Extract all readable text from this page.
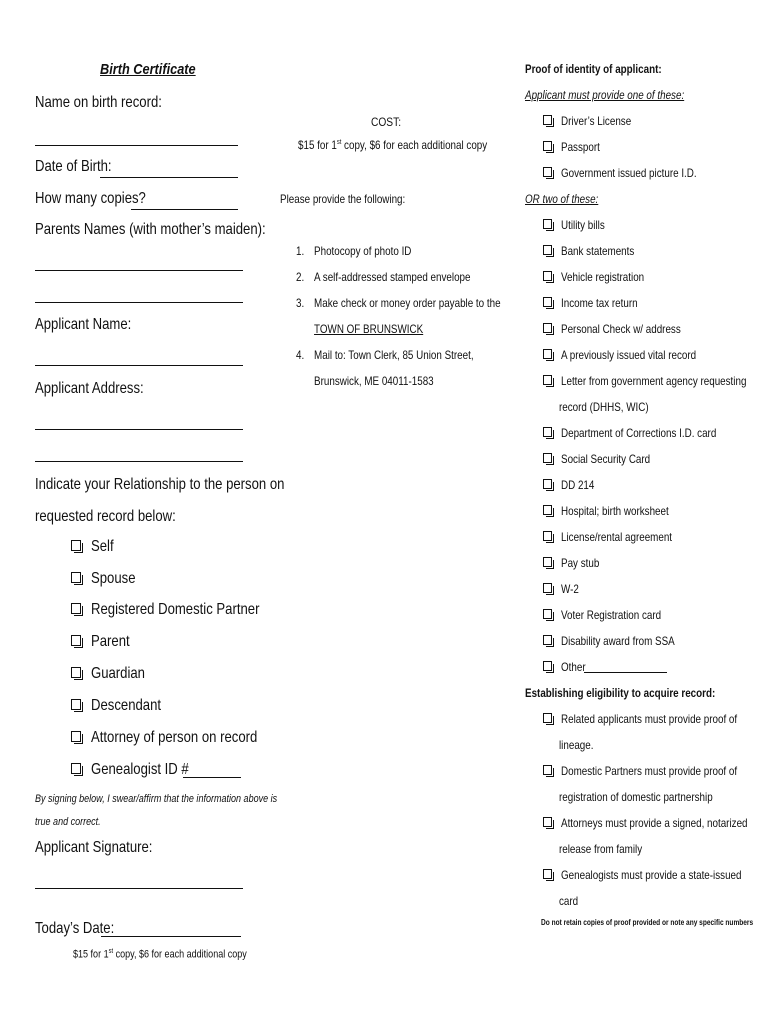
Birth Certificate
Name on birth record:
Date of Birth:
How many copies?
Parents Names (with mother’s maiden):
Applicant Name:
Applicant Address:
Indicate your Relationship to the person on
requested record below:
Self
Spouse
Registered Domestic Partner
Parent
Guardian
Descendant
Attorney of person on record
Genealogist ID #
By signing below, I swear/affirm that the information above is
true and correct.
Applicant Signature:
Today’s Date:
$15 for 1st copy, $6 for each additional copy
COST:
$15 for 1st copy, $6 for each additional copy
Please provide the following:
1. Photocopy of photo ID
2. A self-addressed stamped envelope
3. Make check or money order payable to the
TOWN OF BRUNSWICK
4. Mail to: Town Clerk, 85 Union Street,
Brunswick, ME 04011-1583
Proof of identity of applicant:
Applicant must provide one of these:
Driver’s License
Passport
Government issued picture I.D.
OR two of these:
Utility bills
Bank statements
Vehicle registration
Income tax return
Personal Check w/ address
A previously issued vital record
Letter from government agency requesting
record (DHHS, WIC)
Department of Corrections I.D. card
Social Security Card
DD 214
Hospital; birth worksheet
License/rental agreement
Pay stub
W-2
Voter Registration card
Disability award from SSA
Other
Establishing eligibility to acquire record:
Related applicants must provide proof of
lineage.
Domestic Partners must provide proof of
registration of domestic partnership
Attorneys must provide a signed, notarized
release from family
Genealogists must provide a state-issued
card
Do not retain copies of proof provided or note any specific numbers
